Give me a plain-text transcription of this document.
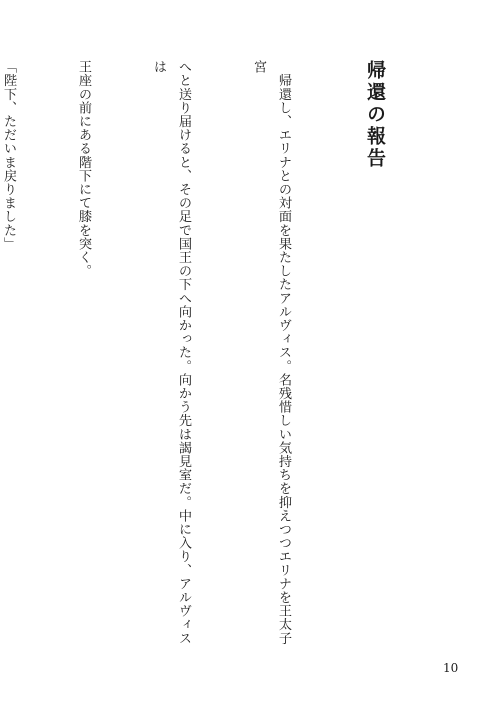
帰還の報告

　帰還し、エリナとの対面を果たしたアルヴィス。名残惜しい気持ちを抑えつつエリナを王太子宮

へと送り届けると、その足で国王の下へ向かった。向かう先は謁見室だ。中に入り、アルヴィスは

王座の前にある階下にて膝を突く。

「陛下、ただいま戻りました」

10
